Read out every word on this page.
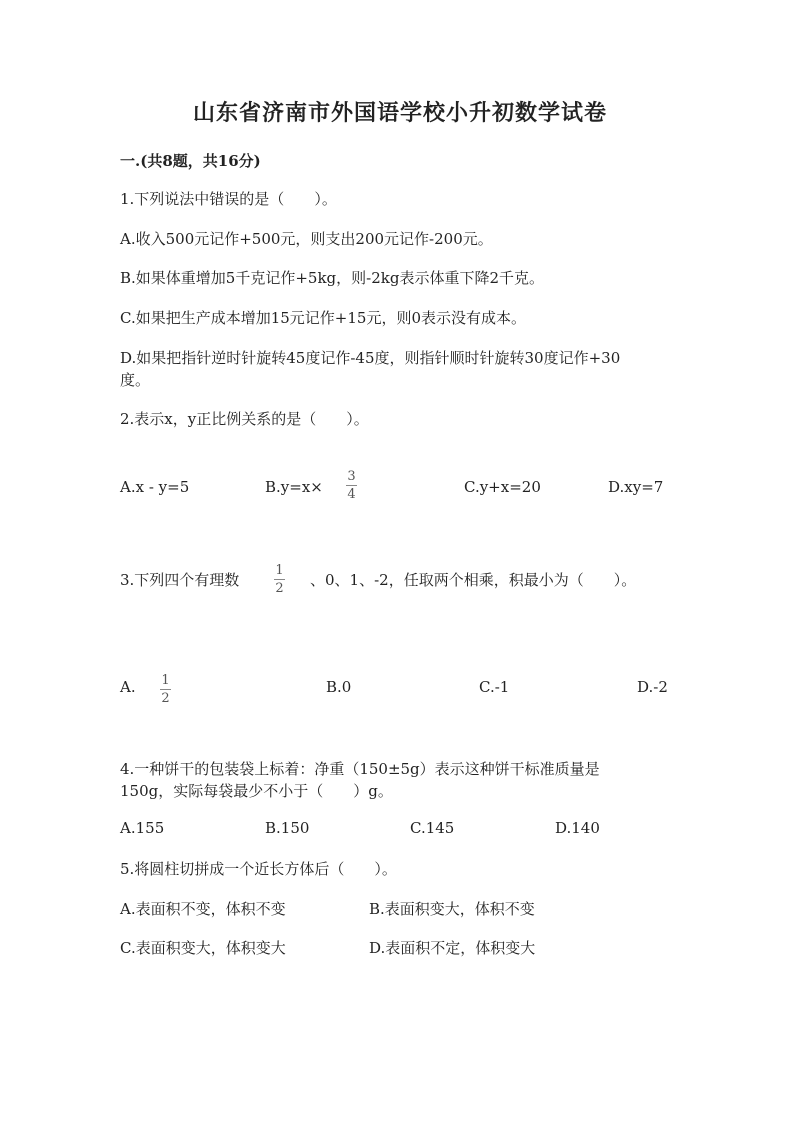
山东省济南市外国语学校小升初数学试卷
一.(共8题，共16分)
1.下列说法中错误的是（　　）。
A.收入500元记作+500元，则支出200元记作-200元。
B.如果体重增加5千克记作+5kg，则-2kg表示体重下降2千克。
C.如果把生产成本增加15元记作+15元，则0表示没有成本。
D.如果把指针逆时针旋转45度记作-45度，则指针顺时针旋转30度记作+30
度。
2.表示x，y正比例关系的是（　　）。
A.x - y=5	B.y=x×
3
4	C.y+x=20	D.xy=7
3.下列四个有理数
1
2 、0、1、-2，任取两个相乘，积最小为（　　）。
A. 1
2
B.0	C.-1	D.-2
4.一种饼干的包装袋上标着：净重（150±5g）表示这种饼干标准质量是
150g，实际每袋最少不小于（　　）g。
A.155	B.150	C.145	D.140
5.将圆柱切拼成一个近长方体后（　　）。
A.表面积不变，体积不变	B.表面积变大，体积不变
C.表面积变大，体积变大	D.表面积不定，体积变大
